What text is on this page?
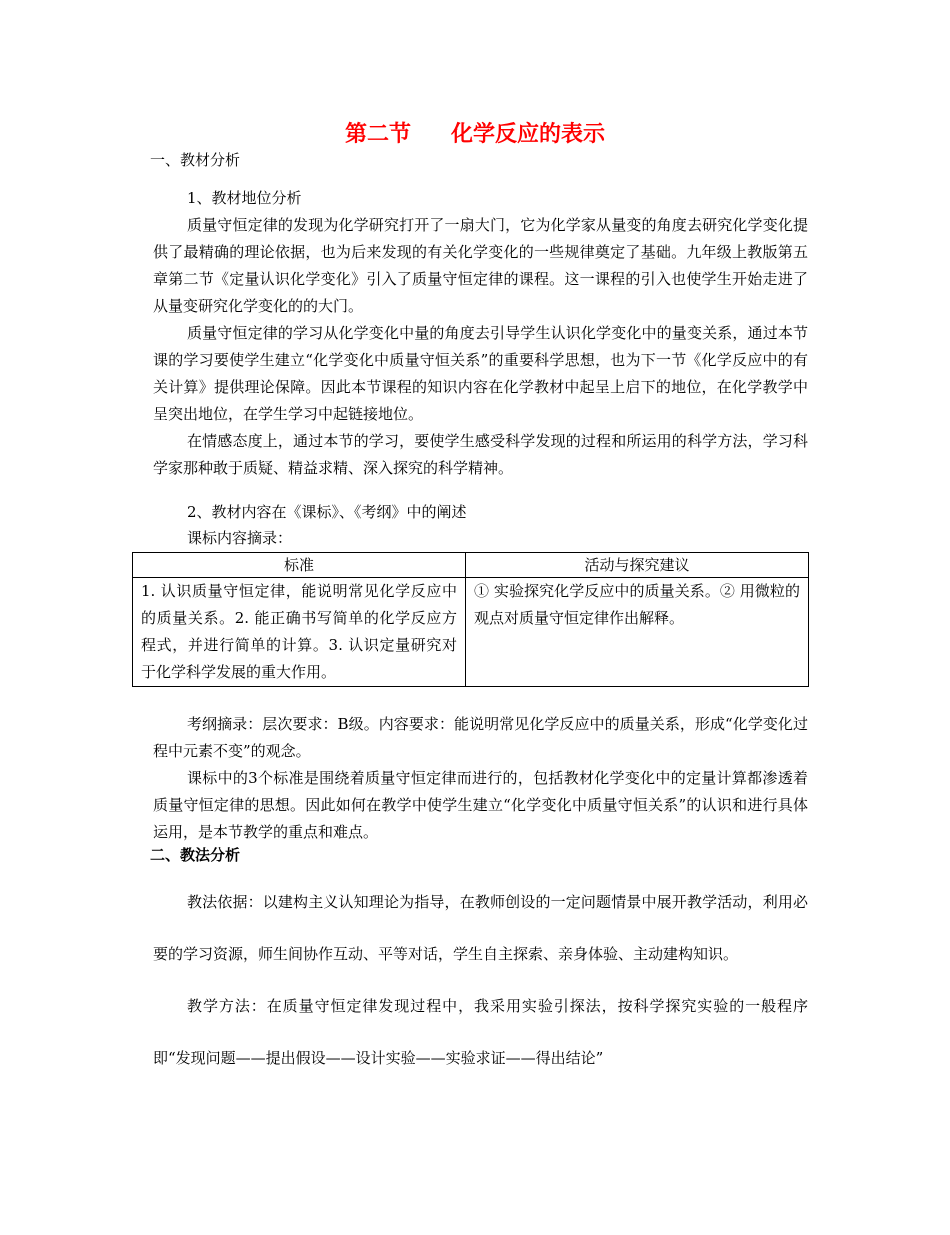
第二节 化学反应的表示
一、教材分析
1、教材地位分析

质量守恒定律的发现为化学研究打开了一扇大门，它为化学家从量变的角度去研究化学变化提供了最精确的理论依据，也为后来发现的有关化学变化的一些规律奠定了基础。九年级上教版第五章第二节《定量认识化学变化》引入了质量守恒定律的课程。这一课程的引入也使学生开始走进了从量变研究化学变化的的大门。

质量守恒定律的学习从化学变化中量的角度去引导学生认识化学变化中的量变关系，通过本节课的学习要使学生建立“化学变化中质量守恒关系”的重要科学思想，也为下一节《化学反应中的有关计算》提供理论保障。因此本节课程的知识内容在化学教材中起呈上启下的地位，在化学教学中呈突出地位，在学生学习中起链接地位。

在情感态度上，通过本节的学习，要使学生感受科学发现的过程和所运用的科学方法，学习科学家那种敢于质疑、精益求精、深入探究的科学精神。

2、教材内容在《课标》、《考纲》中的阐述
课标内容摘录：
标准	活动与探究建议
1. 认识质量守恒定律，能说明常见化学反应中的质量关系。2. 能正确书写简单的化学反应方程式，并进行简单的计算。3. 认识定量研究对于化学科学发展的重大作用。	① 实验探究化学反应中的质量关系。② 用微粒的观点对质量守恒定律作出解释。

考纲摘录：层次要求：B级。内容要求：能说明常见化学反应中的质量关系，形成“化学变化过程中元素不变”的观念。

课标中的3个标准是围绕着质量守恒定律而进行的，包括教材化学变化中的定量计算都渗透着质量守恒定律的思想。因此如何在教学中使学生建立“化学变化中质量守恒关系”的认识和进行具体运用，是本节教学的重点和难点。

二、教法分析

教法依据：以建构主义认知理论为指导，在教师创设的一定问题情景中展开教学活动，利用必要的学习资源，师生间协作互动、平等对话，学生自主探索、亲身体验、主动建构知识。

教学方法：在质量守恒定律发现过程中，我采用实验引探法，按科学探究实验的一般程序即“发现问题——提出假设——设计实验——实验求证——得出结论”
